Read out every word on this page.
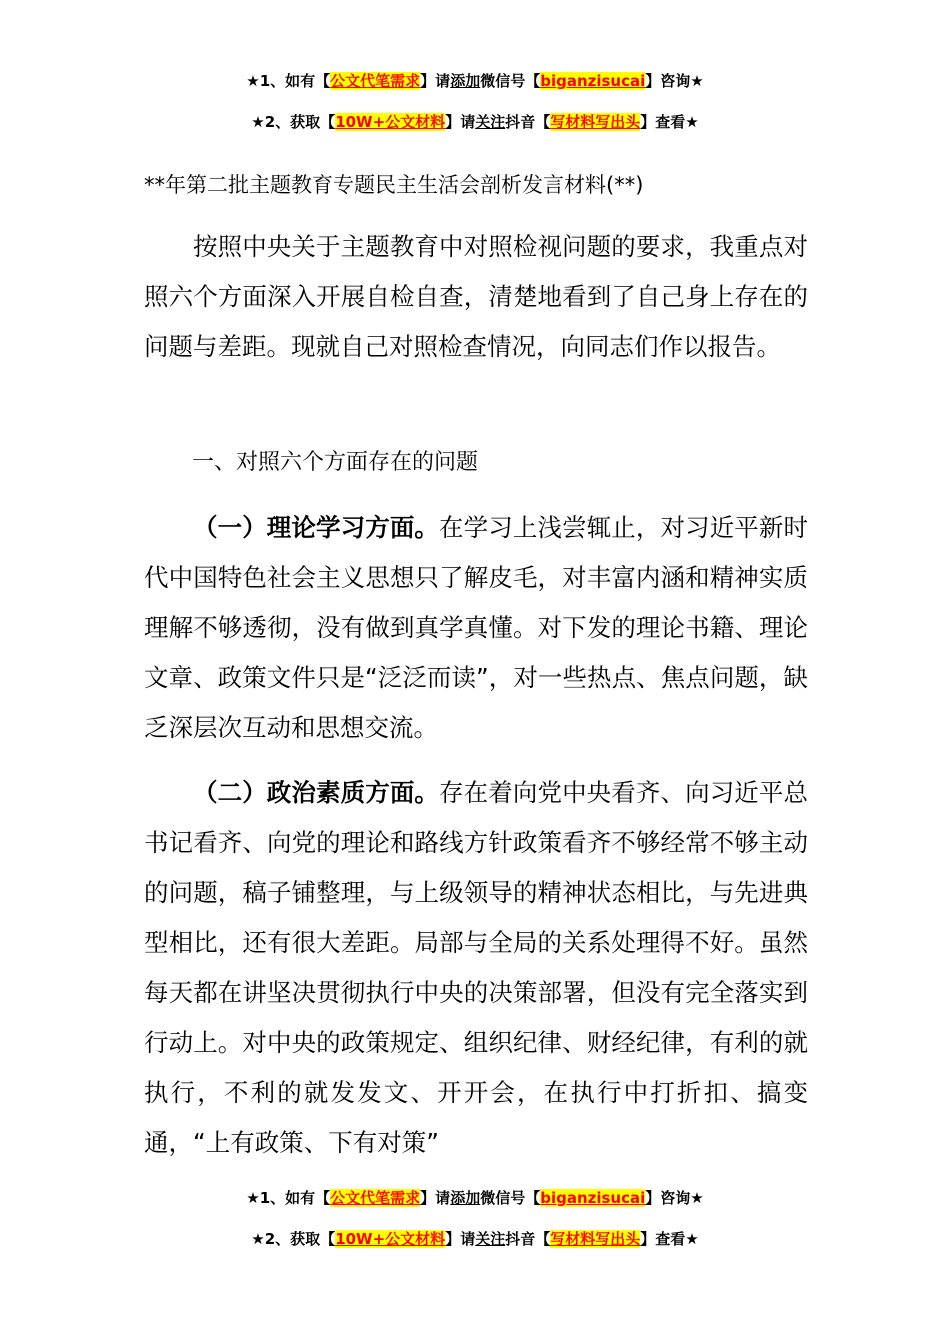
★1、如有【公文代笔需求】请添加微信号【biganzisucai】咨询★
★2、获取【10W+公文材料】请关注抖音【写材料写出头】查看★
**年第二批主题教育专题民主生活会剖析发言材料(**)

按照中央关于主题教育中对照检视问题的要求，我重点对照六个方面深入开展自检自查，清楚地看到了自己身上存在的问题与差距。现就自己对照检查情况，向同志们作以报告。

一、对照六个方面存在的问题

（一）理论学习方面。在学习上浅尝辄止，对习近平新时代中国特色社会主义思想只了解皮毛，对丰富内涵和精神实质理解不够透彻，没有做到真学真懂。对下发的理论书籍、理论文章、政策文件只是“泛泛而读”，对一些热点、焦点问题，缺乏深层次互动和思想交流。

（二）政治素质方面。存在着向党中央看齐、向习近平总书记看齐、向党的理论和路线方针政策看齐不够经常不够主动的问题，稿子铺整理，与上级领导的精神状态相比，与先进典型相比，还有很大差距。局部与全局的关系处理得不好。虽然每天都在讲坚决贯彻执行中央的决策部署，但没有完全落实到行动上。对中央的政策规定、组织纪律、财经纪律，有利的就执行，不利的就发发文、开开会，在执行中打折扣、搞变通，“上有政策、下有对策”

★1、如有【公文代笔需求】请添加微信号【biganzisucai】咨询★
★2、获取【10W+公文材料】请关注抖音【写材料写出头】查看★
